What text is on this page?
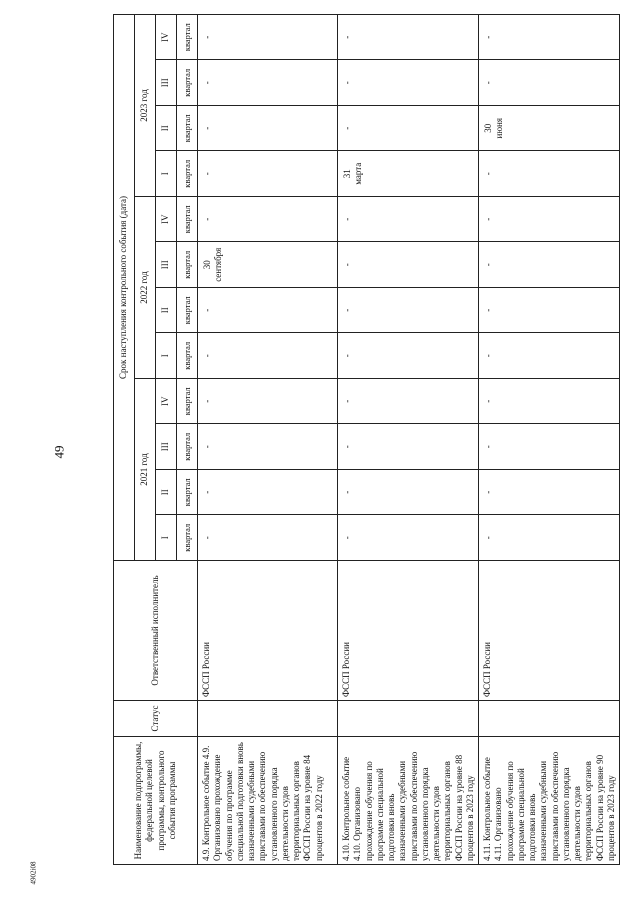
49
4902i08
Наименование подпрограммы, федеральной целевой программы, контрольного события программы	Статус	Ответственный исполнитель	Срок наступления контрольного события (дата)											
			2021 год				2022 год				2023 год			
			I	II	III	IV	I	II	III	IV	I	II	III	IV
			квартал	квартал	квартал	квартал	квартал	квартал	квартал	квартал	квартал	квартал	квартал	квартал
4.9. Контрольное событие 4.9. Организовано прохождение обучения по программе специальной подготовки вновь назначенными судебными приставами по обеспечению установленного порядка деятельности судов территориальных органов ФССП России на уровне 84 процентов в 2022 году		ФССП России	-	-	-	-	-	-	30 сентября	-	-	-	-	-
4.10. Контрольное событие 4.10. Организовано прохождение обучения по программе специальной подготовки вновь назначенными судебными приставами по обеспечению установленного порядка деятельности судов территориальных органов ФССП России на уровне 88 процентов в 2023 году		ФССП России	-	-	-	-	-	-	-	-	31 марта	-	-	-
4.11. Контрольное событие 4.11. Организовано прохождение обучения по программе специальной подготовки вновь назначенными судебными приставами по обеспечению установленного порядка деятельности судов территориальных органов ФССП России на уровне 90 процентов в 2023 году		ФССП России	-	-	-	-	-	-	-	-	-	30 июня	-	-
